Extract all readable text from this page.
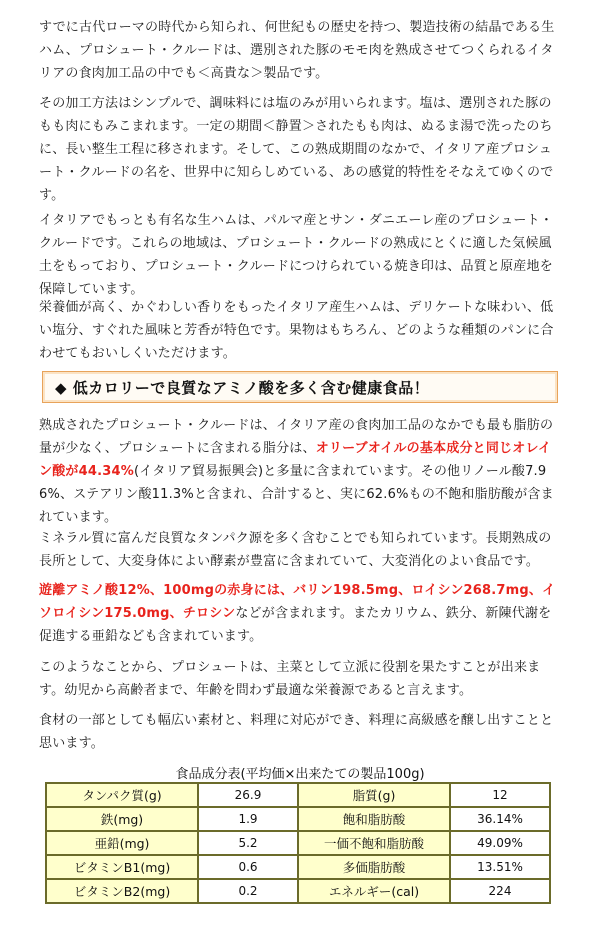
すでに古代ローマの時代から知られ、何世紀もの歴史を持つ、製造技術の結晶である生ハム、プロシュート・クルードは、選別された豚のモモ肉を熟成させてつくられるイタリアの食肉加工品の中でも＜高貴な＞製品です。

その加工方法はシンプルで、調味料には塩のみが用いられます。塩は、選別された豚のもも肉にもみこまれます。一定の期間＜静置＞されたもも肉は、ぬるま湯で洗ったのちに、長い整生工程に移されます。そして、この熟成期間のなかで、イタリア産プロシュート・クルードの名を、世界中に知らしめている、あの感覚的特性をそなえてゆくのです。

イタリアでもっとも有名な生ハムは、パルマ産とサン・ダニエーレ産のプロシュート・クルードです。これらの地域は、プロシュート・クルードの熟成にとくに適した気候風土をもっており、プロシュート・クルードにつけられている焼き印は、品質と原産地を保障しています。

栄養価が高く、かぐわしい香りをもったイタリア産生ハムは、デリケートな味わい、低い塩分、すぐれた風味と芳香が特色です。果物はもちろん、どのような種類のパンに合わせてもおいしくいただけます。

熟成されたプロシュート・クルードは、イタリア産の食肉加工品のなかでも最も脂肪の量が少なく、プロシュートに含まれる脂分は、オリーブオイルの基本成分と同じオレイン酸が44.34%(イタリア貿易振興会)と多量に含まれています。その他リノール酸7.96%、ステアリン酸11.3%と含まれ、合計すると、実に62.6%もの不飽和脂肪酸が含まれています。

ミネラル質に富んだ良質なタンパク源を多く含むことでも知られています。長期熟成の長所として、大変身体によい酵素が豊富に含まれていて、大変消化のよい食品です。

遊離アミノ酸12%、100mgの赤身には、バリン198.5mg、ロイシン268.7mg、イソロイシン175.0mg、チロシンなどが含まれます。またカリウム、鉄分、新陳代謝を促進する亜鉛なども含まれています。

このようなことから、プロシュートは、主菜として立派に役割を果たすことが出来ます。幼児から高齢者まで、年齢を問わず最適な栄養源であると言えます。

食材の一部としても幅広い素材と、料理に対応ができ、料理に高級感を醸し出すことと思います。

◆ 低カロリーで良質なアミノ酸を多く含む健康食品！
食品成分表(平均価×出来たての製品100g)
タンパク質(g)	26.9	脂質(g)	12
鉄(mg)	1.9	飽和脂肪酸	36.14%
亜鉛(mg)	5.2	一価不飽和脂肪酸	49.09%
ビタミンB1(mg)	0.6	多価脂肪酸	13.51%
ビタミンB2(mg)	0.2	エネルギー(cal)	224
